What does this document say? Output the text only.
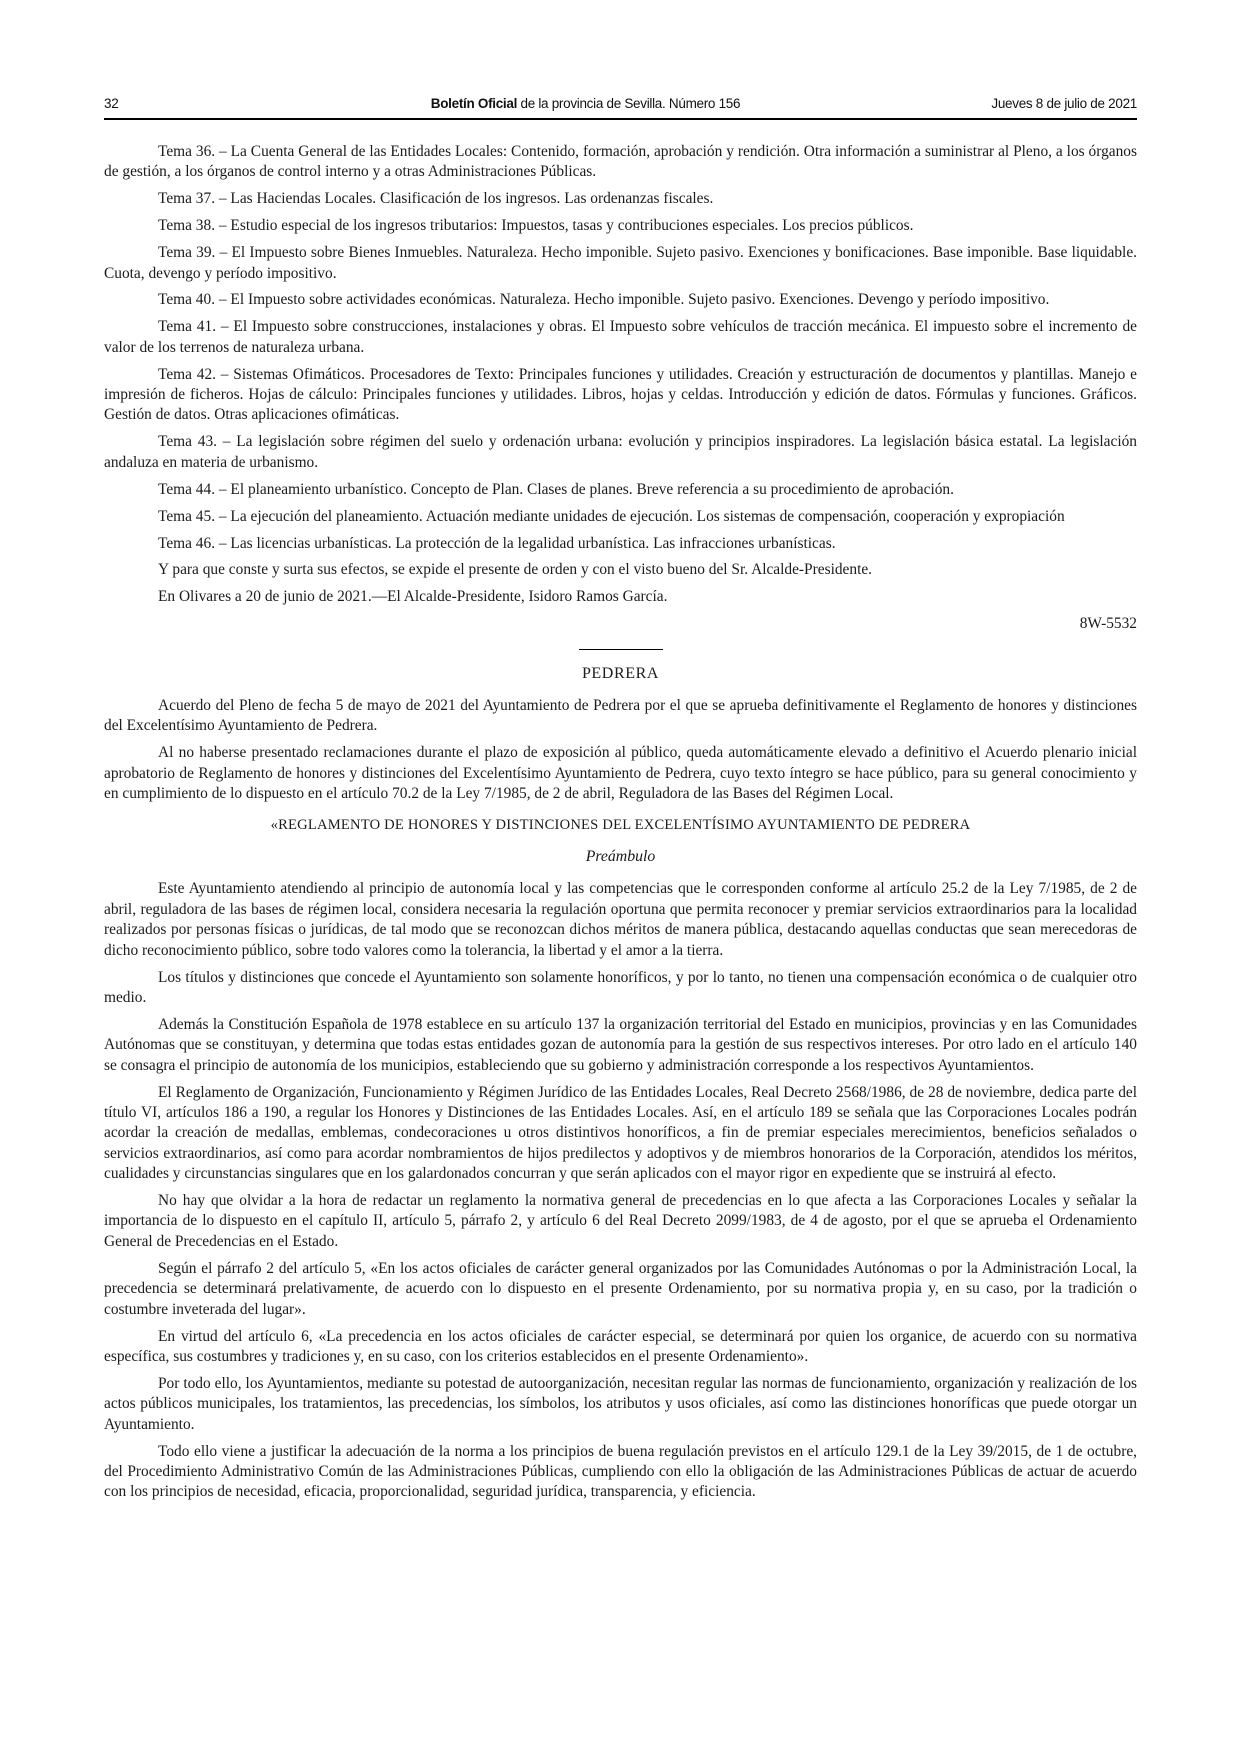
32	Boletín Oficial de la provincia de Sevilla. Número 156	Jueves 8 de julio de 2021

Tema 36. – La Cuenta General de las Entidades Locales: Contenido, formación, aprobación y rendición. Otra información a suministrar al Pleno, a los órganos de gestión, a los órganos de control interno y a otras Administraciones Públicas.

Tema 37. – Las Haciendas Locales. Clasificación de los ingresos. Las ordenanzas fiscales.

Tema 38. – Estudio especial de los ingresos tributarios: Impuestos, tasas y contribuciones especiales. Los precios públicos.

Tema 39. – El Impuesto sobre Bienes Inmuebles. Naturaleza. Hecho imponible. Sujeto pasivo. Exenciones y bonificaciones. Base imponible. Base liquidable. Cuota, devengo y período impositivo.

Tema 40. – El Impuesto sobre actividades económicas. Naturaleza. Hecho imponible. Sujeto pasivo. Exenciones. Devengo y período impositivo.

Tema 41. – El Impuesto sobre construcciones, instalaciones y obras. El Impuesto sobre vehículos de tracción mecánica. El impuesto sobre el incremento de valor de los terrenos de naturaleza urbana.

Tema 42. – Sistemas Ofimáticos. Procesadores de Texto: Principales funciones y utilidades. Creación y estructuración de documentos y plantillas. Manejo e impresión de ficheros. Hojas de cálculo: Principales funciones y utilidades. Libros, hojas y celdas. Introducción y edición de datos. Fórmulas y funciones. Gráficos. Gestión de datos. Otras aplicaciones ofimáticas.

Tema 43. – La legislación sobre régimen del suelo y ordenación urbana: evolución y principios inspiradores. La legislación básica estatal. La legislación andaluza en materia de urbanismo.

Tema 44. – El planeamiento urbanístico. Concepto de Plan. Clases de planes. Breve referencia a su procedimiento de aprobación.

Tema 45. – La ejecución del planeamiento. Actuación mediante unidades de ejecución. Los sistemas de compensación, cooperación y expropiación

Tema 46. – Las licencias urbanísticas. La protección de la legalidad urbanística. Las infracciones urbanísticas.

Y para que conste y surta sus efectos, se expide el presente de orden y con el visto bueno del Sr. Alcalde-Presidente.

En Olivares a 20 de junio de 2021.—El Alcalde-Presidente, Isidoro Ramos García.

8W-5532

PEDRERA

Acuerdo del Pleno de fecha 5 de mayo de 2021 del Ayuntamiento de Pedrera por el que se aprueba definitivamente el Reglamento de honores y distinciones del Excelentísimo Ayuntamiento de Pedrera.

Al no haberse presentado reclamaciones durante el plazo de exposición al público, queda automáticamente elevado a definitivo el Acuerdo plenario inicial aprobatorio de Reglamento de honores y distinciones del Excelentísimo Ayuntamiento de Pedrera, cuyo texto íntegro se hace público, para su general conocimiento y en cumplimiento de lo dispuesto en el artículo 70.2 de la Ley 7/1985, de 2 de abril, Reguladora de las Bases del Régimen Local.

«REGLAMENTO DE HONORES Y DISTINCIONES DEL EXCELENTÍSIMO AYUNTAMIENTO DE PEDRERA

Preámbulo

Este Ayuntamiento atendiendo al principio de autonomía local y las competencias que le corresponden conforme al artículo 25.2 de la Ley 7/1985, de 2 de abril, reguladora de las bases de régimen local, considera necesaria la regulación oportuna que permita reconocer y premiar servicios extraordinarios para la localidad realizados por personas físicas o jurídicas, de tal modo que se reconozcan dichos méritos de manera pública, destacando aquellas conductas que sean merecedoras de dicho reconocimiento público, sobre todo valores como la tolerancia, la libertad y el amor a la tierra.

Los títulos y distinciones que concede el Ayuntamiento son solamente honoríficos, y por lo tanto, no tienen una compensación económica o de cualquier otro medio.

Además la Constitución Española de 1978 establece en su artículo 137 la organización territorial del Estado en municipios, provincias y en las Comunidades Autónomas que se constituyan, y determina que todas estas entidades gozan de autonomía para la gestión de sus respectivos intereses. Por otro lado en el artículo 140 se consagra el principio de autonomía de los municipios, estableciendo que su gobierno y administración corresponde a los respectivos Ayuntamientos.

El Reglamento de Organización, Funcionamiento y Régimen Jurídico de las Entidades Locales, Real Decreto 2568/1986, de 28 de noviembre, dedica parte del título VI, artículos 186 a 190, a regular los Honores y Distinciones de las Entidades Locales. Así, en el artículo 189 se señala que las Corporaciones Locales podrán acordar la creación de medallas, emblemas, condecoraciones u otros distintivos honoríficos, a fin de premiar especiales merecimientos, beneficios señalados o servicios extraordinarios, así como para acordar nombramientos de hijos predilectos y adoptivos y de miembros honorarios de la Corporación, atendidos los méritos, cualidades y circunstancias singulares que en los galardonados concurran y que serán aplicados con el mayor rigor en expediente que se instruirá al efecto.

No hay que olvidar a la hora de redactar un reglamento la normativa general de precedencias en lo que afecta a las Corporaciones Locales y señalar la importancia de lo dispuesto en el capítulo II, artículo 5, párrafo 2, y artículo 6 del Real Decreto 2099/1983, de 4 de agosto, por el que se aprueba el Ordenamiento General de Precedencias en el Estado.

Según el párrafo 2 del artículo 5, «En los actos oficiales de carácter general organizados por las Comunidades Autónomas o por la Administración Local, la precedencia se determinará prelativamente, de acuerdo con lo dispuesto en el presente Ordenamiento, por su normativa propia y, en su caso, por la tradición o costumbre inveterada del lugar».

En virtud del artículo 6, «La precedencia en los actos oficiales de carácter especial, se determinará por quien los organice, de acuerdo con su normativa específica, sus costumbres y tradiciones y, en su caso, con los criterios establecidos en el presente Ordenamiento».

Por todo ello, los Ayuntamientos, mediante su potestad de autoorganización, necesitan regular las normas de funcionamiento, organización y realización de los actos públicos municipales, los tratamientos, las precedencias, los símbolos, los atributos y usos oficiales, así como las distinciones honoríficas que puede otorgar un Ayuntamiento.

Todo ello viene a justificar la adecuación de la norma a los principios de buena regulación previstos en el artículo 129.1 de la Ley 39/2015, de 1 de octubre, del Procedimiento Administrativo Común de las Administraciones Públicas, cumpliendo con ello la obligación de las Administraciones Públicas de actuar de acuerdo con los principios de necesidad, eficacia, proporcionalidad, seguridad jurídica, transparencia, y eficiencia.
